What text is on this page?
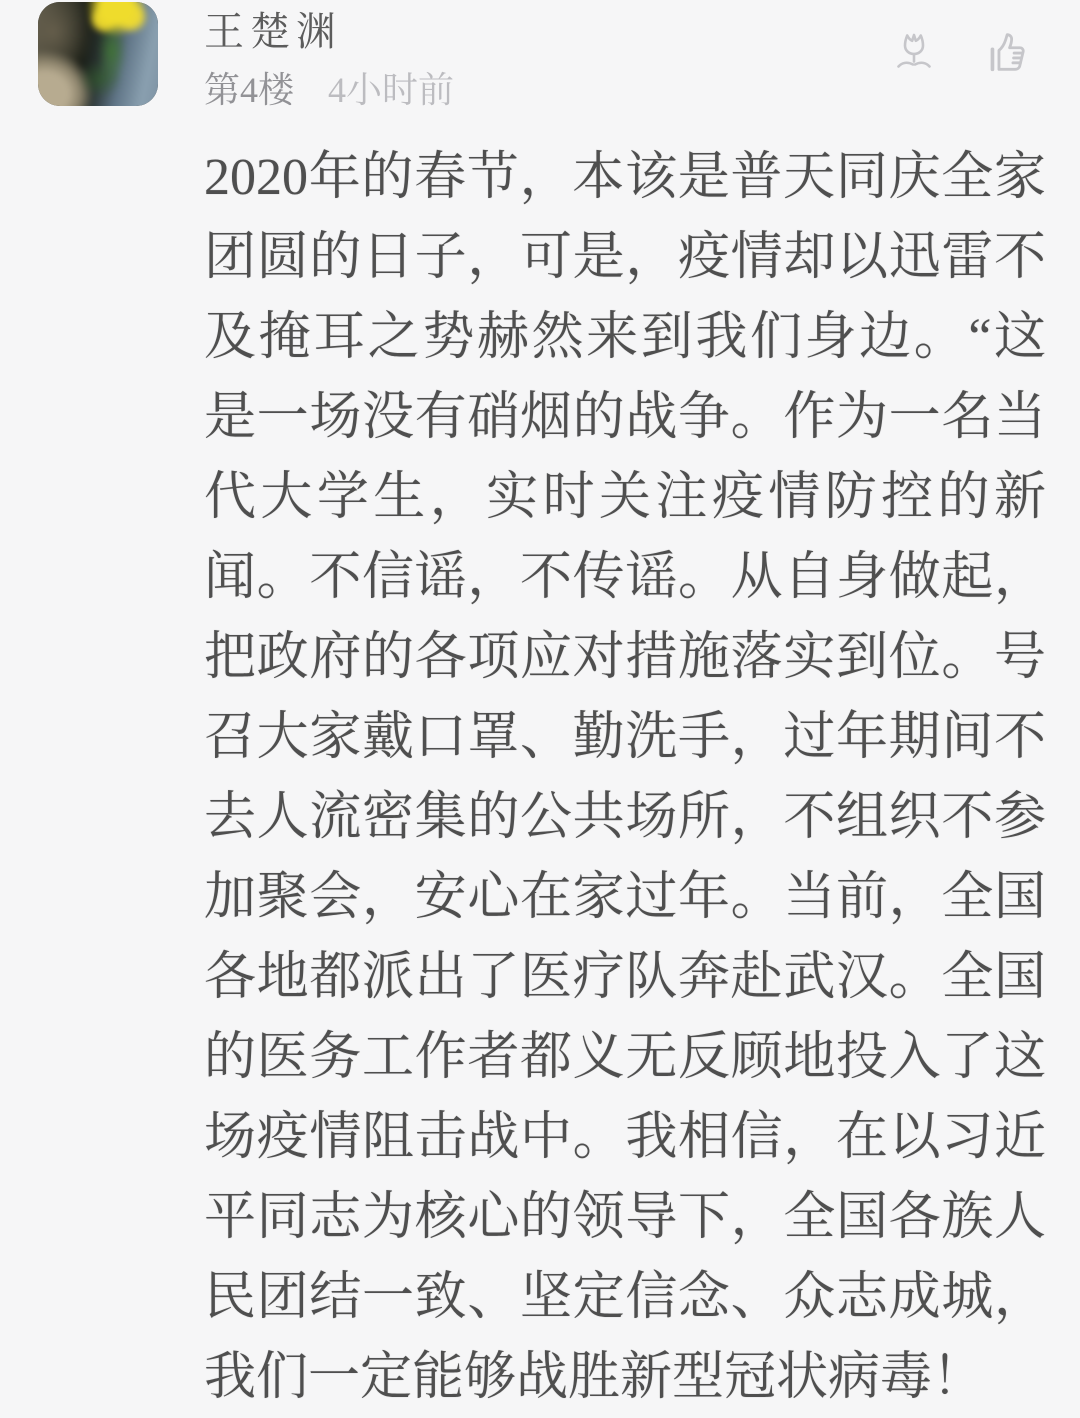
王楚渊
第4楼 4小时前
2020年的春节，本该是普天同庆全家
团圆的日子，可是，疫情却以迅雷不
及掩耳之势赫然来到我们身边。“这
是一场没有硝烟的战争。作为一名当
代大学生，实时关注疫情防控的新
闻。不信谣，不传谣。从自身做起，
把政府的各项应对措施落实到位。号
召大家戴口罩、勤洗手，过年期间不
去人流密集的公共场所，不组织不参
加聚会，安心在家过年。当前，全国
各地都派出了医疗队奔赴武汉。全国
的医务工作者都义无反顾地投入了这
场疫情阻击战中。我相信，在以习近
平同志为核心的领导下，全国各族人
民团结一致、坚定信念、众志成城，
我们一定能够战胜新型冠状病毒！
